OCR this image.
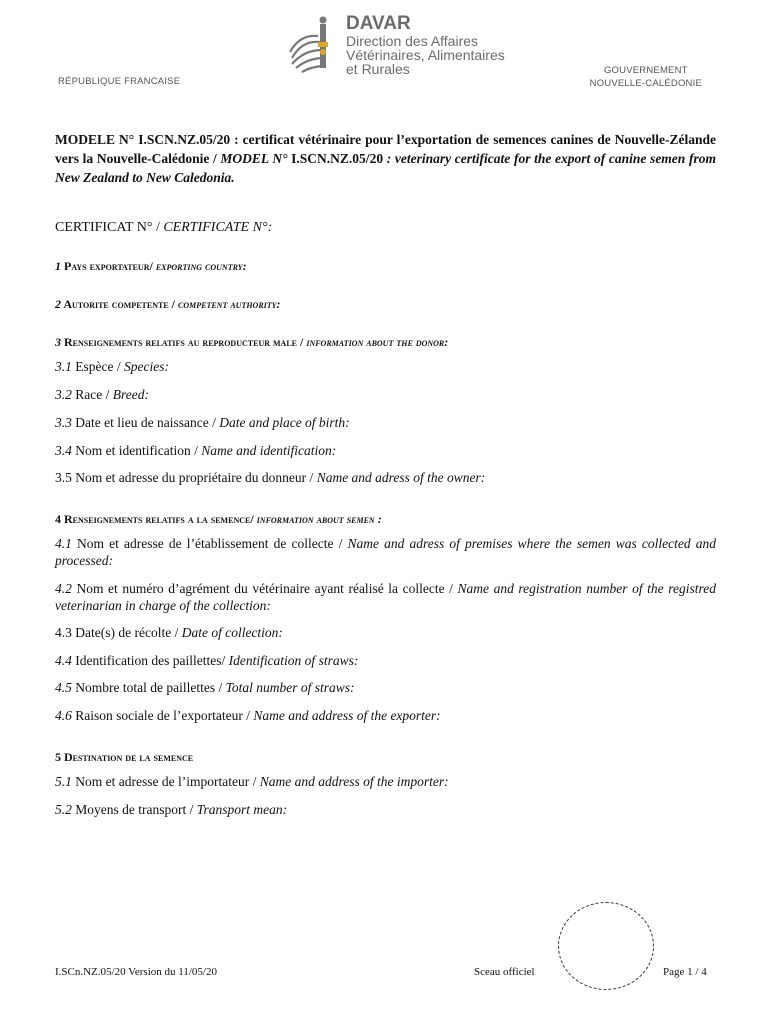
RÉPUBLIQUE FRANCAISE
DAVAR
Direction des Affaires
Vétérinaires, Alimentaires
et Rurales	GOUVERNEMENT
NOUVELLE-CALÉDONIE
MODELE N° I.SCN.NZ.05/20 : certificat vétérinaire pour l’exportation de semences canines de Nouvelle-Zélande vers la Nouvelle-Calédonie / MODEL N° I.SCN.NZ.05/20 : veterinary certificate for the export of canine semen from New Zealand to New Caledonia.
CERTIFICAT N° / CERTIFICATE N°:
1 Pays exportateur/ exporting country:
2 Autorite competente / competent authority:
3 Renseignements relatifs au reproducteur male / information about the donor:
3.1 Espèce / Species:
3.2 Race / Breed:
3.3 Date et lieu de naissance / Date and place of birth:
3.4 Nom et identification / Name and identification:
3.5 Nom et adresse du propriétaire du donneur / Name and adress of the owner:
4 Renseignements relatifs a la semence/ information about semen :
4.1 Nom et adresse de l’établissement de collecte / Name and adress of premises where the semen was collected and processed:
4.2 Nom et numéro d’agrément du vétérinaire ayant réalisé la collecte / Name and registration number of the registred veterinarian in charge of the collection:
4.3 Date(s) de récolte / Date of collection:
4.4 Identification des paillettes/ Identification of straws:
4.5 Nombre total de paillettes / Total number of straws:
4.6 Raison sociale de l’exportateur / Name and address of the exporter:
5 Destination de la semence
5.1 Nom et adresse de l’importateur / Name and address of the importer:
5.2 Moyens de transport / Transport mean:
I.SCn.NZ.05/20 Version du 11/05/20	Sceau officiel	Page 1 / 4
